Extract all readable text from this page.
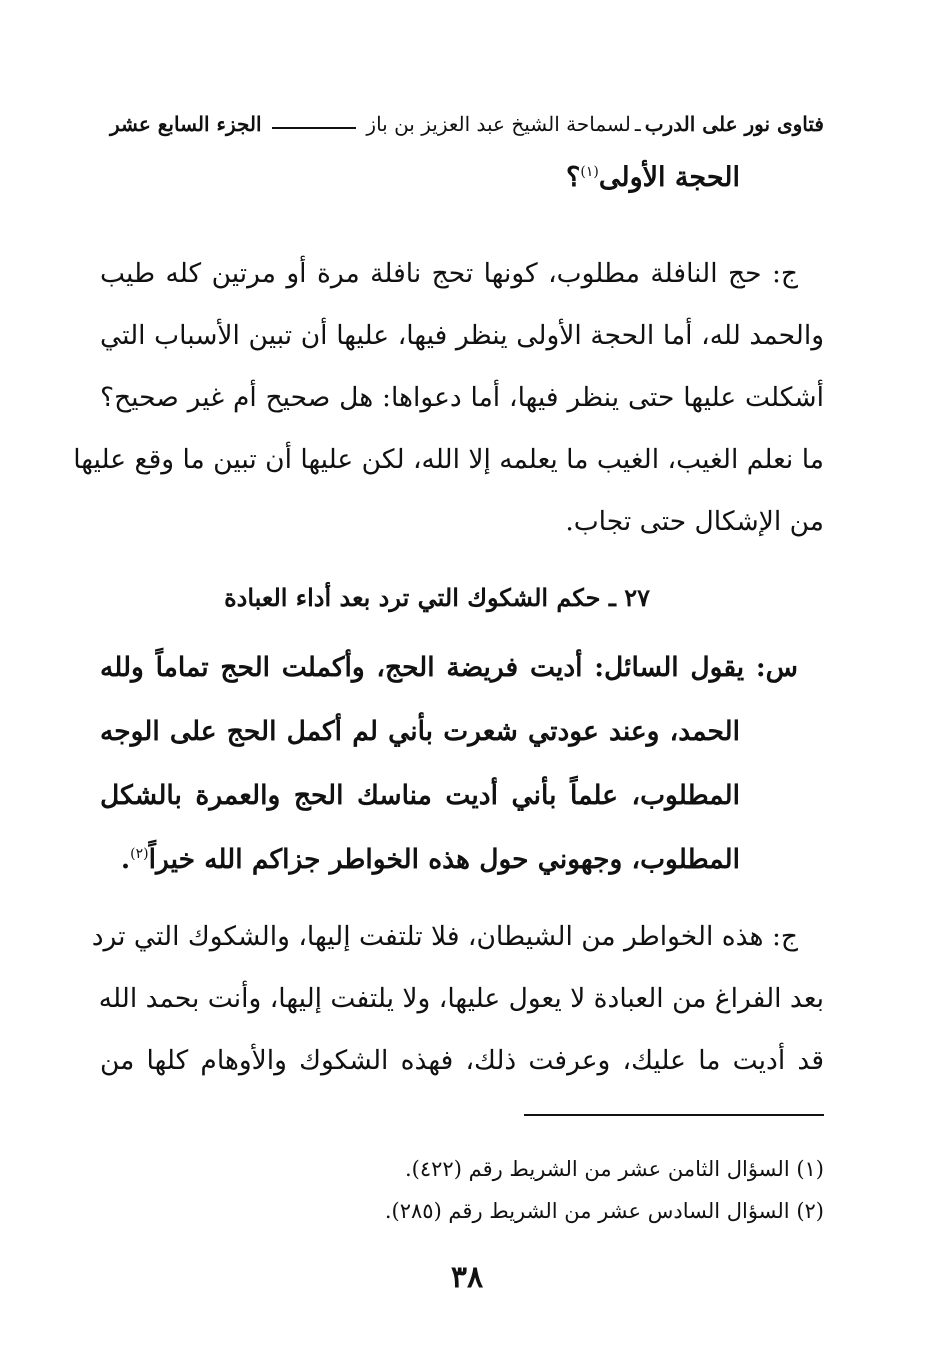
فتاوى نور على الدرب
ـ
لسماحة الشيخ عبد العزيز بن باز
الجزء السابع عشر
الحجة الأولى$^{(١)}$؟

ج: حج النافلة مطلوب، كونها تحج نافلة مرة أو مرتين كله طيب
والحمد لله، أما الحجة الأولى ينظر فيها، عليها أن تبين الأسباب التي
أشكلت عليها حتى ينظر فيها، أما دعواها: هل صحيح أم غير صحيح؟
ما نعلم الغيب، الغيب ما يعلمه إلا الله، لكن عليها أن تبين ما وقع عليها
من الإشكال حتى تجاب.

٢٧ ـ حكم الشكوك التي ترد بعد أداء العبادة

س: يقول السائل: أديت فريضة الحج، وأكملت الحج تماماً ولله
الحمد، وعند عودتي شعرت بأني لم أكمل الحج على الوجه
المطلوب، علماً بأني أديت مناسك الحج والعمرة بالشكل
المطلوب، وجهوني حول هذه الخواطر جزاكم الله خيراً$^{(٢)}$.

ج: هذه الخواطر من الشيطان، فلا تلتفت إليها، والشكوك التي ترد
بعد الفراغ من العبادة لا يعول عليها، ولا يلتفت إليها، وأنت بحمد الله
قد أديت ما عليك، وعرفت ذلك، فهذه الشكوك والأوهام كلها من

(١) السؤال الثامن عشر من الشريط رقم (٤٢٢).
(٢) السؤال السادس عشر من الشريط رقم (٢٨٥).
٣٨
